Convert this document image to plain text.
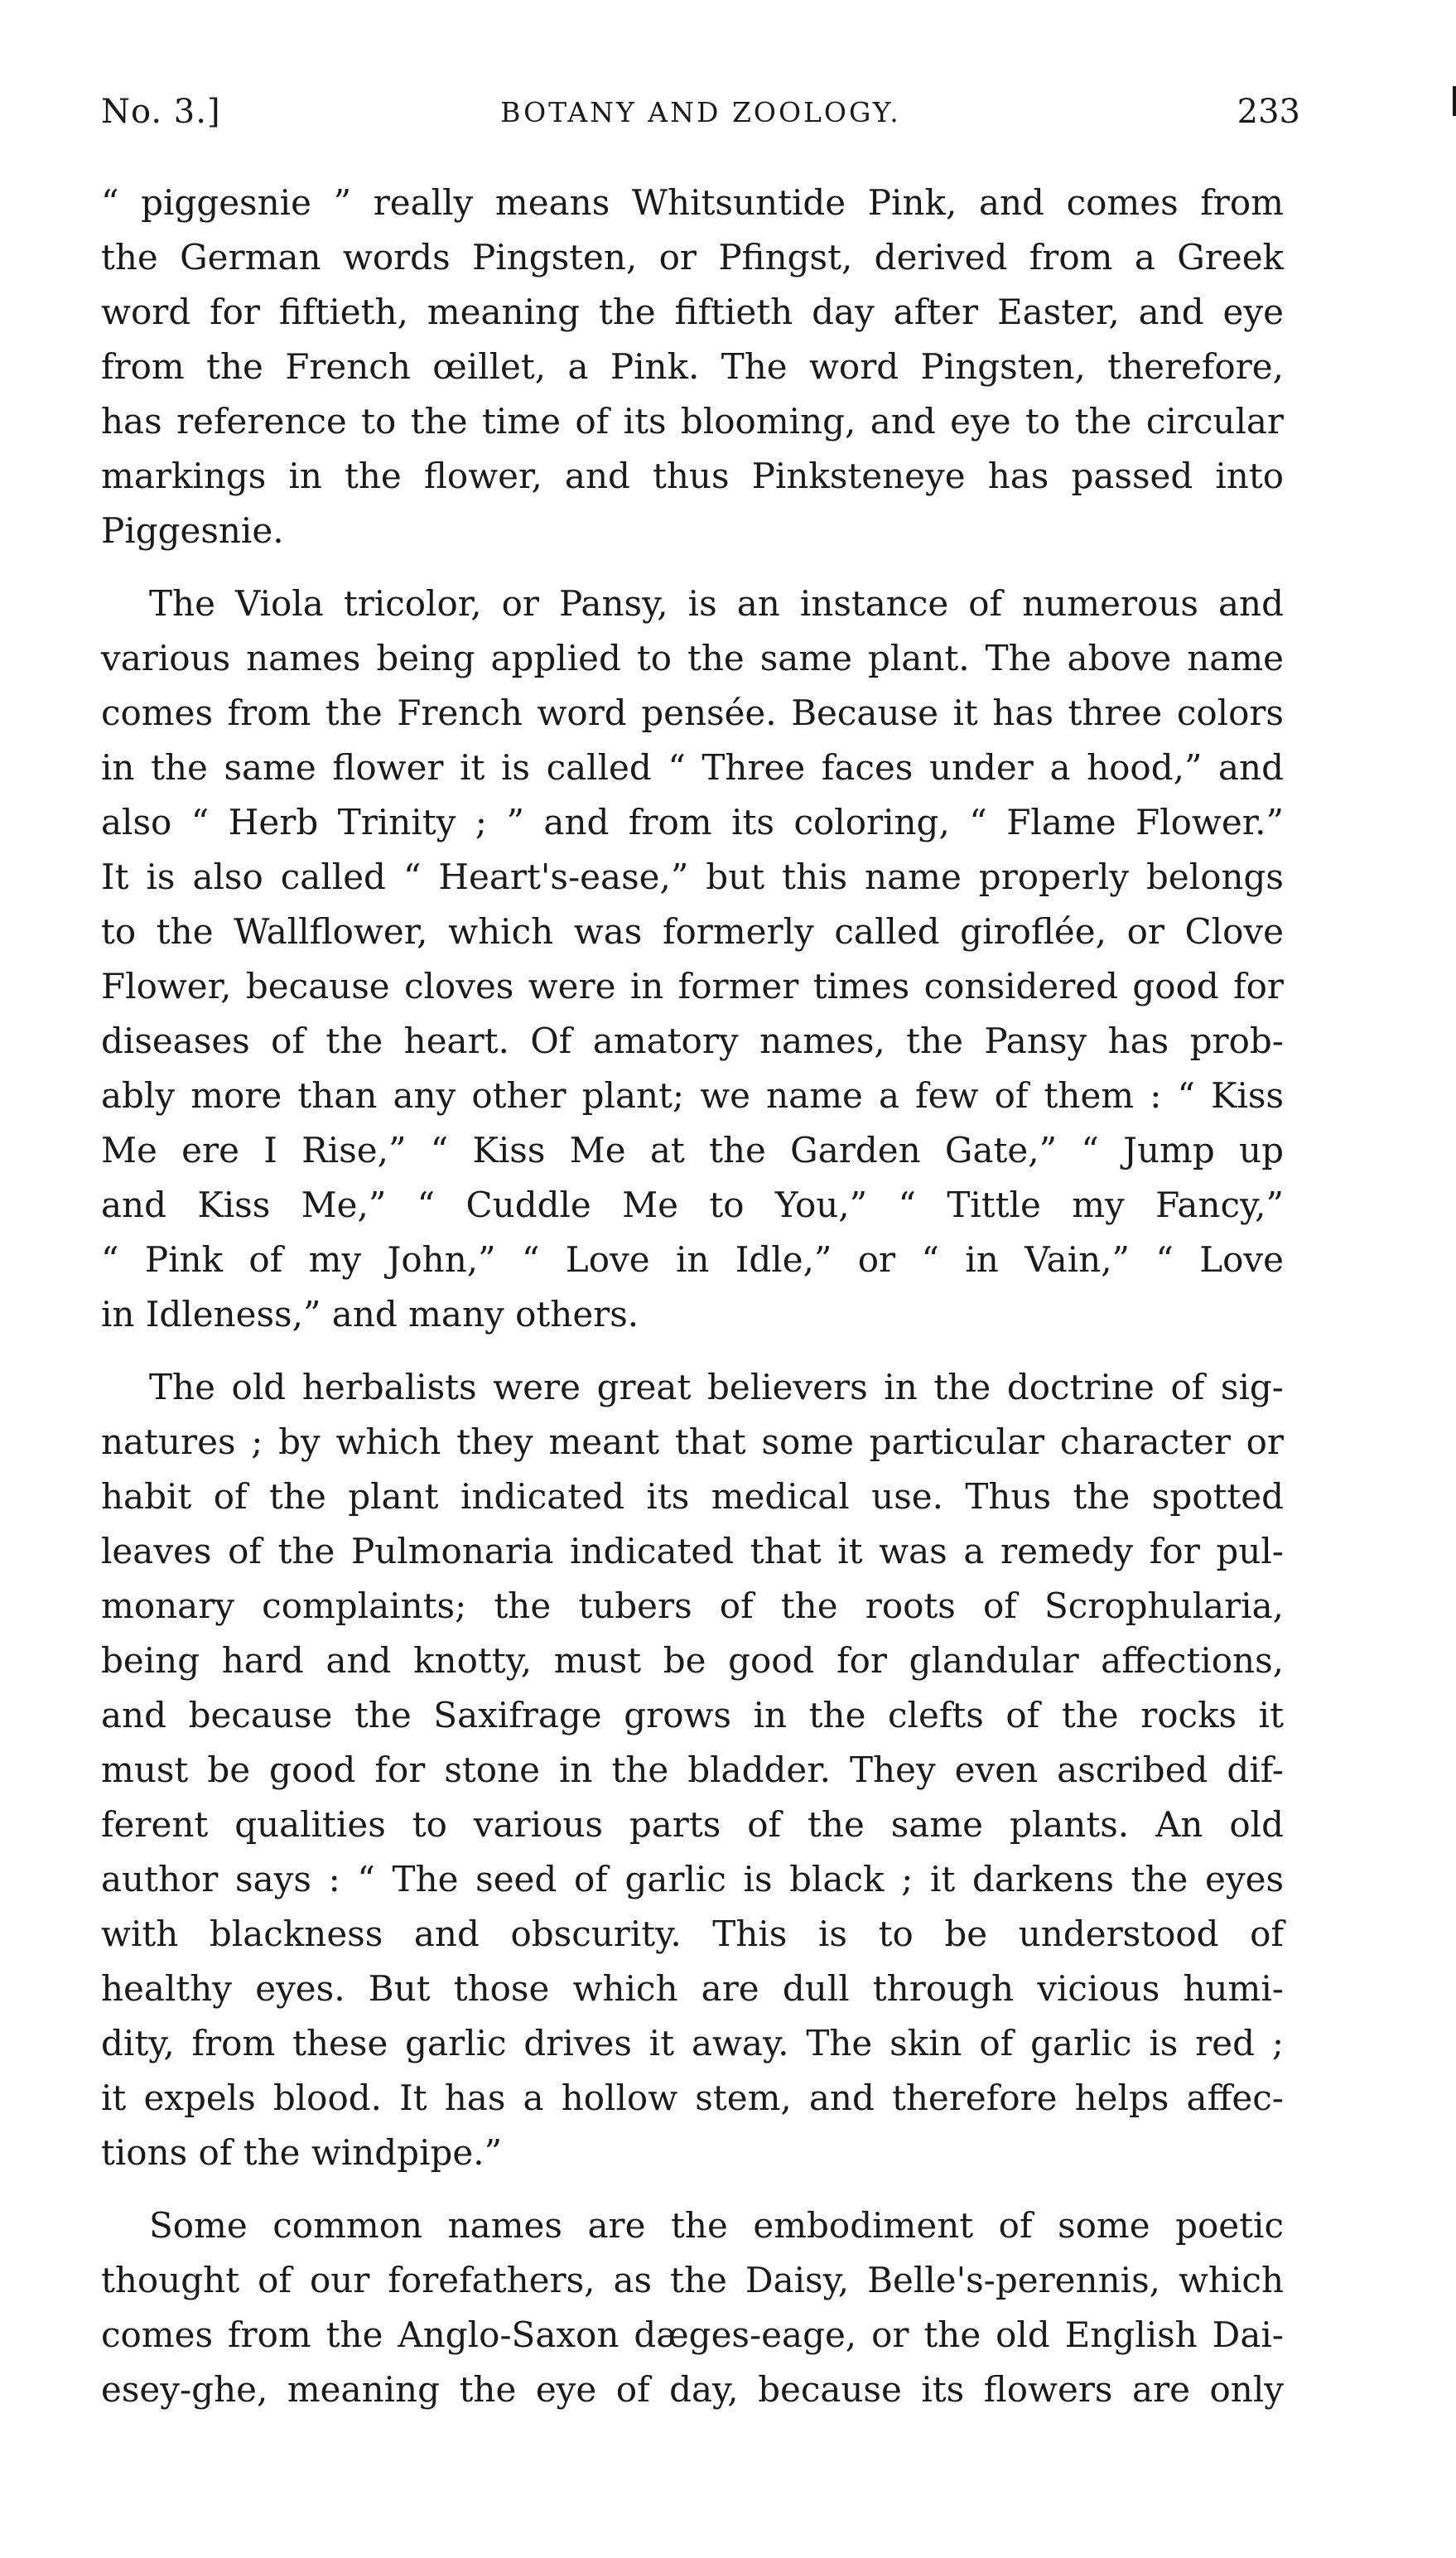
No. 3.]	BOTANY AND ZOOLOGY.	233
“ piggesnie ” really means Whitsuntide Pink, and comes from
the German words Pingsten, or Pfingst, derived from a Greek
word for fiftieth, meaning the fiftieth day after Easter, and eye
from the French œillet, a Pink. The word Pingsten, therefore,
has reference to the time of its blooming, and eye to the circular
markings in the flower, and thus Pinksteneye has passed into
Piggesnie.
The Viola tricolor, or Pansy, is an instance of numerous and
various names being applied to the same plant. The above name
comes from the French word pensée. Because it has three colors
in the same flower it is called “ Three faces under a hood,” and
also “ Herb Trinity ; ” and from its coloring, “ Flame Flower.”
It is also called “ Heart's-ease,” but this name properly belongs
to the Wallflower, which was formerly called giroflée, or Clove
Flower, because cloves were in former times considered good for
diseases of the heart. Of amatory names, the Pansy has prob-
ably more than any other plant; we name a few of them : “ Kiss
Me ere I Rise,” “ Kiss Me at the Garden Gate,” “ Jump up
and Kiss Me,” “ Cuddle Me to You,” “ Tittle my Fancy,”
“ Pink of my John,” “ Love in Idle,” or “ in Vain,” “ Love
in Idleness,” and many others.
The old herbalists were great believers in the doctrine of sig-
natures ; by which they meant that some particular character or
habit of the plant indicated its medical use. Thus the spotted
leaves of the Pulmonaria indicated that it was a remedy for pul-
monary complaints; the tubers of the roots of Scrophularia,
being hard and knotty, must be good for glandular affections,
and because the Saxifrage grows in the clefts of the rocks it
must be good for stone in the bladder. They even ascribed dif-
ferent qualities to various parts of the same plants. An old
author says : “ The seed of garlic is black ; it darkens the eyes
with blackness and obscurity. This is to be understood of
healthy eyes. But those which are dull through vicious humi-
dity, from these garlic drives it away. The skin of garlic is red ;
it expels blood. It has a hollow stem, and therefore helps affec-
tions of the windpipe.”
Some common names are the embodiment of some poetic
thought of our forefathers, as the Daisy, Belle's-perennis, which
comes from the Anglo-Saxon dæges-eage, or the old English Dai-
esey-ghe, meaning the eye of day, because its flowers are only
